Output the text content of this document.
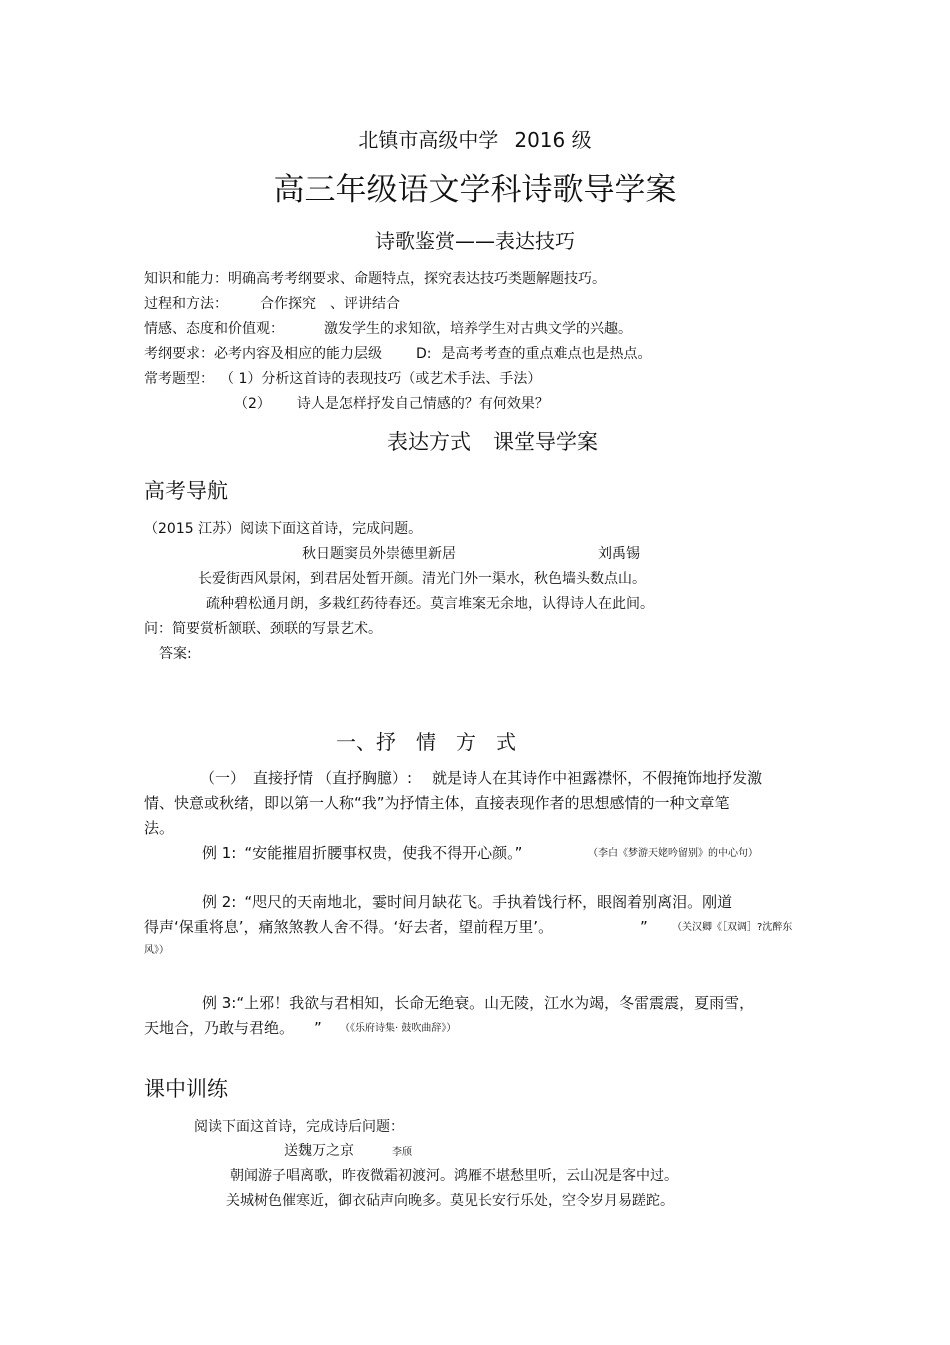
北镇市高级中学 2016 级
高三年级语文学科诗歌导学案
诗歌鉴赏——表达技巧
知识和能力：明确高考考纲要求、命题特点，探究表达技巧类题解题技巧。
过程和方法： 合作探究　、评讲结合
情感、态度和价值观：	激发学生的求知欲，培养学生对古典文学的兴趣。
考纲要求：必考内容及相应的能力层级 D: 是高考考查的重点难点也是热点。
常考题型： （ 1）分析这首诗的表现技巧（或艺术手法、手法）
（2） 诗人是怎样抒发自己情感的？有何效果？
表达方式 课堂导学案
高考导航
（2015 江苏）阅读下面这首诗，完成问题。
秋日题窦员外崇德里新居	刘禹锡
长爱街西风景闲，到君居处暂开颜。清光门外一渠水，秋色墙头数点山。
疏种碧松通月朗，多栽红药待春还。莫言堆案无余地，认得诗人在此间。
问：简要赏析颔联、颈联的写景艺术。
答案:
一、抒　情　方　式
（一） 直接抒情 （直抒胸臆）: 就是诗人在其诗作中袒露襟怀，不假掩饰地抒发激
情、快意或秋绪，即以第一人称“我”为抒情主体，直接表现作者的思想感情的一种文章笔
法。
例 1: “安能摧眉折腰事权贵，使我不得开心颜。”	（李白《梦游天姥吟留别》的中心句）
例 2: “咫尺的天南地北，霎时间月缺花飞。手执着饯行杯，眼阁着别离泪。刚道
得声‘保重将息’，痛煞煞教人舍不得。‘好去者，望前程万里’。	” （关汉卿《［双调］?沈醉东
风》）
例 3:“上邪！我欲与君相知，长命无绝衰。山无陵，江水为竭，冬雷震震，夏雨雪，
天地合，乃敢与君绝。 ” （《乐府诗集· 鼓吹曲辞》）
课中训练
阅读下面这首诗，完成诗后问题：
送魏万之京	李颀
朝闻游子唱离歌，昨夜微霜初渡河。鸿雁不堪愁里听，云山况是客中过。
关城树色催寒近，御衣砧声向晚多。莫见长安行乐处，空令岁月易蹉跎。
